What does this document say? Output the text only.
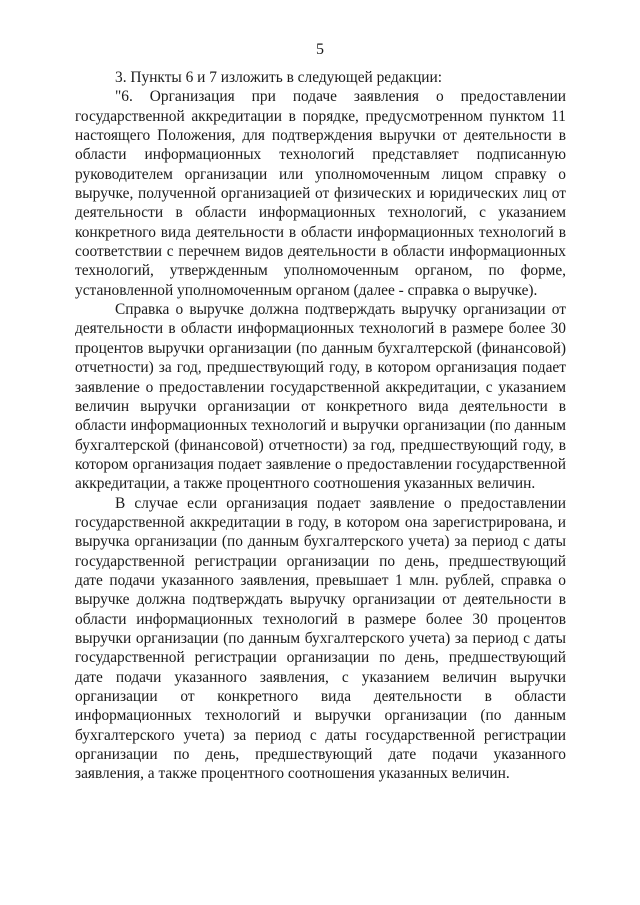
5

3. Пункты 6 и 7 изложить в следующей редакции:

"6. Организация при подаче заявления о предоставлении государственной аккредитации в порядке, предусмотренном пунктом 11 настоящего Положения, для подтверждения выручки от деятельности в области информационных технологий представляет подписанную руководителем организации или уполномоченным лицом справку о выручке, полученной организацией от физических и юридических лиц от деятельности в области информационных технологий, с указанием конкретного вида деятельности в области информационных технологий в соответствии с перечнем видов деятельности в области информационных технологий, утвержденным уполномоченным органом, по форме, установленной уполномоченным органом (далее - справка о выручке).

Справка о выручке должна подтверждать выручку организации от деятельности в области информационных технологий в размере более 30 процентов выручки организации (по данным бухгалтерской (финансовой) отчетности) за год, предшествующий году, в котором организация подает заявление о предоставлении государственной аккредитации, с указанием величин выручки организации от конкретного вида деятельности в области информационных технологий и выручки организации (по данным бухгалтерской (финансовой) отчетности) за год, предшествующий году, в котором организация подает заявление о предоставлении государственной аккредитации, а также процентного соотношения указанных величин.

В случае если организация подает заявление о предоставлении государственной аккредитации в году, в котором она зарегистрирована, и выручка организации (по данным бухгалтерского учета) за период с даты государственной регистрации организации по день, предшествующий дате подачи указанного заявления, превышает 1 млн. рублей, справка о выручке должна подтверждать выручку организации от деятельности в области информационных технологий в размере более 30 процентов выручки организации (по данным бухгалтерского учета) за период с даты государственной регистрации организации по день, предшествующий дате подачи указанного заявления, с указанием величин выручки организации от конкретного вида деятельности в области информационных технологий и выручки организации (по данным бухгалтерского учета) за период с даты государственной регистрации организации по день, предшествующий дате подачи указанного заявления, а также процентного соотношения указанных величин.
